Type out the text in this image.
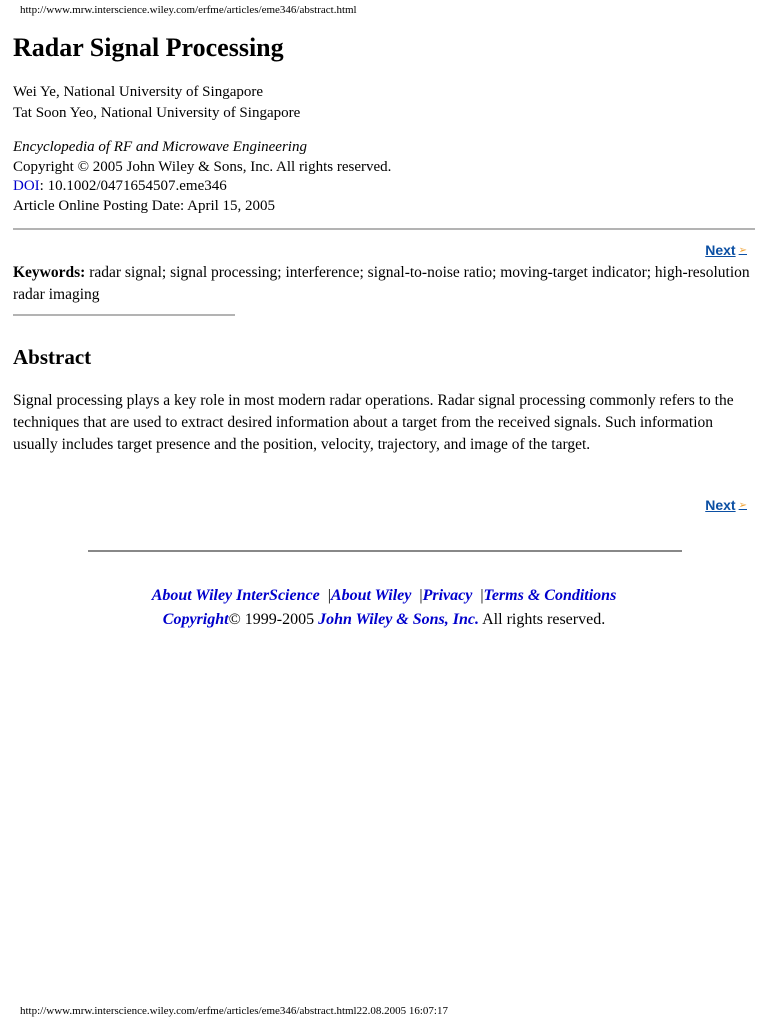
http://www.mrw.interscience.wiley.com/erfme/articles/eme346/abstract.html
Radar Signal Processing
Wei Ye, National University of Singapore
Tat Soon Yeo, National University of Singapore
Encyclopedia of RF and Microwave Engineering
Copyright © 2005 John Wiley & Sons, Inc. All rights reserved.
DOI: 10.1002/0471654507.eme346
Article Online Posting Date: April 15, 2005
Next ➢
Keywords: radar signal; signal processing; interference; signal-to-noise ratio; moving-target indicator; high-resolution radar imaging
Abstract

Signal processing plays a key role in most modern radar operations. Radar signal processing commonly refers to the techniques that are used to extract desired information about a target from the received signals. Such information usually includes target presence and the position, velocity, trajectory, and image of the target.

Next ➢
About Wiley InterScience |About Wiley |Privacy |Terms & Conditions
Copyright© 1999-2005 John Wiley & Sons, Inc. All rights reserved.
http://www.mrw.interscience.wiley.com/erfme/articles/eme346/abstract.html22.08.2005 16:07:17
